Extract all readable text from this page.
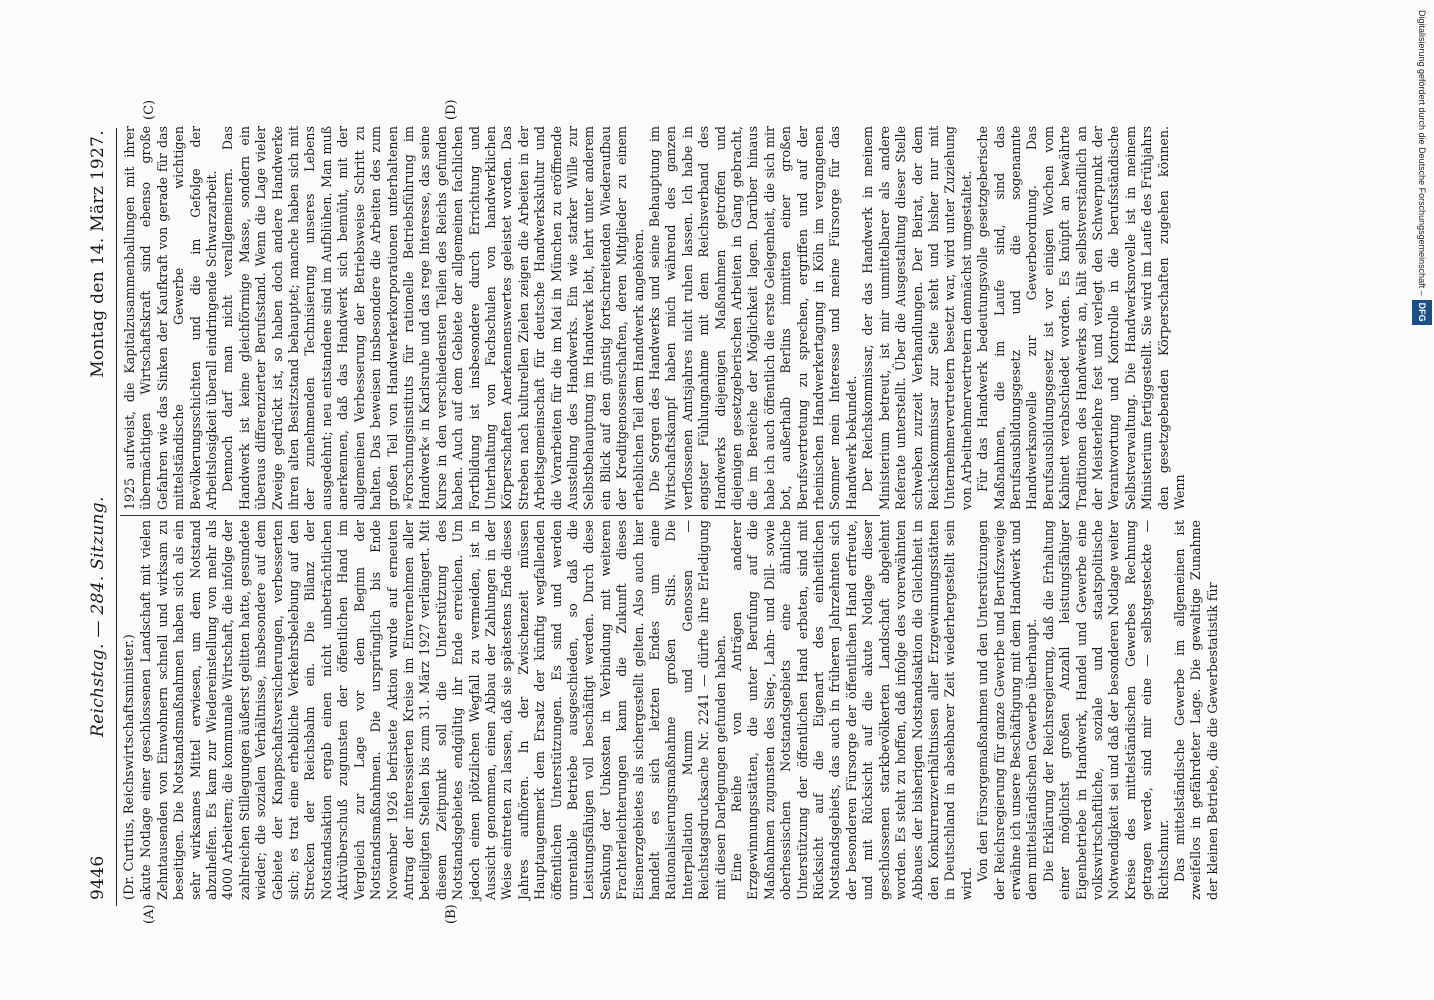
9446
Reichstag. — 284. Sitzung.
Montag den 14. März 1927.
(A)	(B)
(C)	(D)

(Dr. Curtius, Reichswirtschaftsminister.) akute Notlage einer geschlossenen Landschaft mit vielen Zehntausenden von Einwohnern schnell und wirksam zu beseitigen. Die Notstandsmaßnahmen haben sich als ein sehr wirksames Mittel erwiesen, um dem Notstand abzuhelfen. Es kam zur Wiedereinstellung von mehr als 4000 Arbeitern; die kommunale Wirtschaft, die infolge der zahlreichen Stillegungen äußerst gelitten hatte, gesundete wieder; die sozialen Verhältnisse, insbesondere auf dem Gebiete der Knappschaftsversicherungen, verbesserten sich; es trat eine erhebliche Verkehrsbelebung auf den Strecken der Reichsbahn ein. Die Bilanz der Notstandsaktion ergab einen nicht unbeträchtlichen Aktivüberschuß zugunsten der öffentlichen Hand im Vergleich zur Lage vor dem Beginn der Notstandsmaßnahmen. Die ursprünglich bis Ende November 1926 befristete Aktion wurde auf erneuten Antrag der interessierten Kreise im Einvernehmen aller beteiligten Stellen bis zum 31. März 1927 verlängert. Mit diesem Zeitpunkt soll die Unterstützung des Notstandsgebietes endgültig ihr Ende erreichen. Um jedoch einen plötzlichen Wegfall zu vermeiden, ist in Aussicht genommen, einen Abbau der Zahlungen in der Weise eintreten zu lassen, daß sie spätestens Ende dieses Jahres aufhören. In der Zwischenzeit müssen Hauptaugenmerk dem Ersatz der künftig wegfallenden öffentlichen Unterstützungen. Es sind und werden unrentable Betriebe ausgeschieden, so daß die Leistungsfähigen voll beschäftigt werden. Durch diese Senkung der Unkosten in Verbindung mit weiteren Frachterleichterungen kann die Zukunft dieses Eisenerzgebietes als sichergestellt gelten. Also auch hier handelt es sich letzten Endes um eine Rationalisierungsmaßnahme großen Stils. Die Interpellation Mumm und Genossen — Reichstagsdrucksache Nr. 2241 — dürfte ihre Erledigung mit diesen Darlegungen gefunden haben. Eine Reihe von Anträgen anderer Erzgewinnungsstätten, die unter Berufung auf die Maßnahmen zugunsten des Sieg-, Lahn- und Dill- sowie oberhessischen Notstandsgebiets eine ähnliche Unterstützung der öffentlichen Hand erbaten, sind mit Rücksicht auf die Eigenart des einheitlichen Notstandsgebiets, das auch in früheren Jahrzehnten sich der besonderen Fürsorge der öffentlichen Hand erfreute, und mit Rücksicht auf die akute Notlage dieser geschlossenen starkbevölkerten Landschaft abgelehnt worden. Es steht zu hoffen, daß infolge des vorerwähnten Abbaues der bisherigen Notstandsaktion die Gleichheit in den Konkurrenzverhältnissen aller Erzgewinnungsstätten in Deutschland in absehbarer Zeit wiederhergestellt sein wird.

Von den Fürsorgemaßnahmen und den Unterstützungen der Reichsregierung für ganze Gewerbe und Berufszweige erwähne ich unsere Beschäftigung mit dem Handwerk und dem mittelständischen Gewerbe überhaupt. Die Erklärung der Reichsregierung, daß die Erhaltung einer möglichst großen Anzahl leistungsfähiger Eigenbetriebe in Handwerk, Handel und Gewerbe eine volkswirtschaftliche, soziale und staatspolitische Notwendigkeit sei und daß der besonderen Notlage weiter Kreise des mittelständischen Gewerbes Rechnung getragen werde, sind mir eine — selbstgesteckte — Richtschnur. Das mittelständische Gewerbe im allgemeinen ist zweifellos in gefährdeter Lage. Die gewaltige Zunahme der kleinen Betriebe, die die Gewerbestatistik für

1925 aufweist, die Kapitalzusammenballungen mit ihrer übermächtigen Wirtschaftskraft sind ebenso große Gefahren wie das Sinken der Kaufkraft von gerade für das mittelständische Gewerbe wichtigen Bevölkerungsschichten und die im Gefolge der Arbeitslosigkeit überall eindringende Schwarzarbeit. Dennoch darf man nicht verallgemeinern. Das Handwerk ist keine gleichförmige Masse, sondern ein überaus differenzierter Berufsstand. Wenn die Lage vieler Zweige gedrückt ist, so haben doch andere Handwerke ihren alten Besitzstand behauptet; manche haben sich mit der zunehmenden Technisierung unseres Lebens ausgedehnt; neu entstandene sind im Aufblühen. Man muß anerkennen, daß das Handwerk sich bemüht, mit der allgemeinen Verbesserung der Betriebsweise Schritt zu halten. Das beweisen insbesondere die Arbeiten des zum großen Teil von Handwerkerkorporationen unterhaltenen »Forschungsinstituts für rationelle Betriebsführung im Handwerk« in Karlsruhe und das rege Interesse, das seine Kurse in den verschiedensten Teilen des Reichs gefunden haben. Auch auf dem Gebiete der allgemeinen fachlichen Fortbildung ist insbesondere durch Errichtung und Unterhaltung von Fachschulen von handwerklichen Körperschaften Anerkennenswertes geleistet worden. Das Streben nach kulturellen Zielen zeigen die Arbeiten in der Arbeitsgemeinschaft für deutsche Handwerkskultur und die Vorarbeiten für die im Mai in München zu eröffnende Ausstellung des Handwerks. Ein wie starker Wille zur Selbstbehauptung im Handwerk lebt, lehrt unter anderem ein Blick auf den günstig fortschreitenden Wiederaufbau der Kreditgenossenschaften, deren Mitglieder zu einem erheblichen Teil dem Handwerk angehören. Die Sorgen des Handwerks und seine Behauptung im Wirtschaftskampf haben mich während des ganzen verflossenen Amtsjahres nicht ruhen lassen. Ich habe in engster Fühlungnahme mit dem Reichsverband des Handwerks diejenigen Maßnahmen getroffen und diejenigen gesetzgeberischen Arbeiten in Gang gebracht, die im Bereiche der Möglichkeit lagen. Darüber hinaus habe ich auch öffentlich die erste Gelegenheit, die sich mir bot, außerhalb Berlins inmitten einer großen Berufsvertretung zu sprechen, ergriffen und auf der rheinischen Handwerkertagung in Köln im vergangenen Sommer mein Interesse und meine Fürsorge für das Handwerk bekundet. Der Reichskommissar, der das Handwerk in meinem Ministerium betreut, ist mir unmittelbarer als andere Referate unterstellt. Über die Ausgestaltung dieser Stelle schweben zurzeit Verhandlungen. Der Beirat, der dem Reichskommissar zur Seite steht und bisher nur mit Unternehmervertretern besetzt war, wird unter Zuziehung von Arbeitnehmervertretern demnächst umgestaltet. Für das Handwerk bedeutungsvolle gesetzgeberische Maßnahmen, die im Laufe sind, sind das Berufsausbildungsgesetz und die sogenannte Handwerksnovelle zur Gewerbeordnung. Das Berufsausbildungsgesetz ist vor einigen Wochen vom Kabinett verabschiedet worden. Es knüpft an bewährte Traditionen des Handwerks an, hält selbstverständlich an der Meisterlehre fest und verlegt den Schwerpunkt der Verantwortung und Kontrolle in die berufsständische Selbstverwaltung. Die Handwerksnovelle ist in meinem Ministerium fertiggestellt. Sie wird im Laufe des Frühjahrs den gesetzgebenden Körperschaften zugehen können. Wenn

Digitalisierung gefördert durch die Deutsche Forschungsgemeinschaft –DFG
